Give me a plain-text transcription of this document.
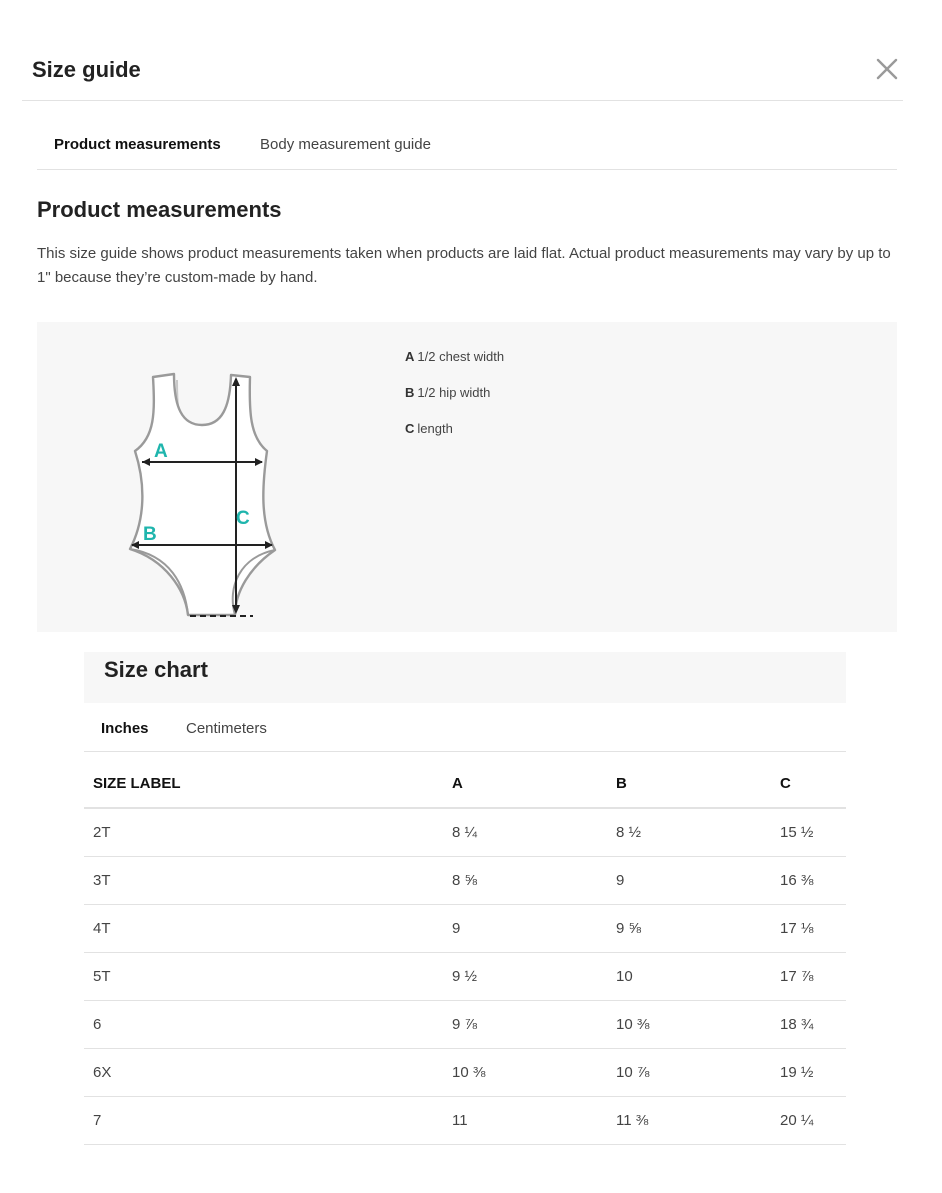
Size guide
Product measurements	Body measurement guide
Product measurements
This size guide shows product measurements taken when products are laid flat. Actual product measurements may vary by up to 1" because they’re custom-made by hand.
A
B
C
A 1/2 chest width
B 1/2 hip width
C length
Size chart
Inches Centimeters
SIZE LABEL	A	B	C
2T	8 ¼	8 ½	15 ½
3T	8 ⅝	9	16 ⅜
4T	9	9 ⅝	17 ⅛
5T	9 ½	10	17 ⅞
6	9 ⅞	10 ⅜	18 ¾
6X	10 ⅜	10 ⅞	19 ½
7	11	11 ⅜	20 ¼
